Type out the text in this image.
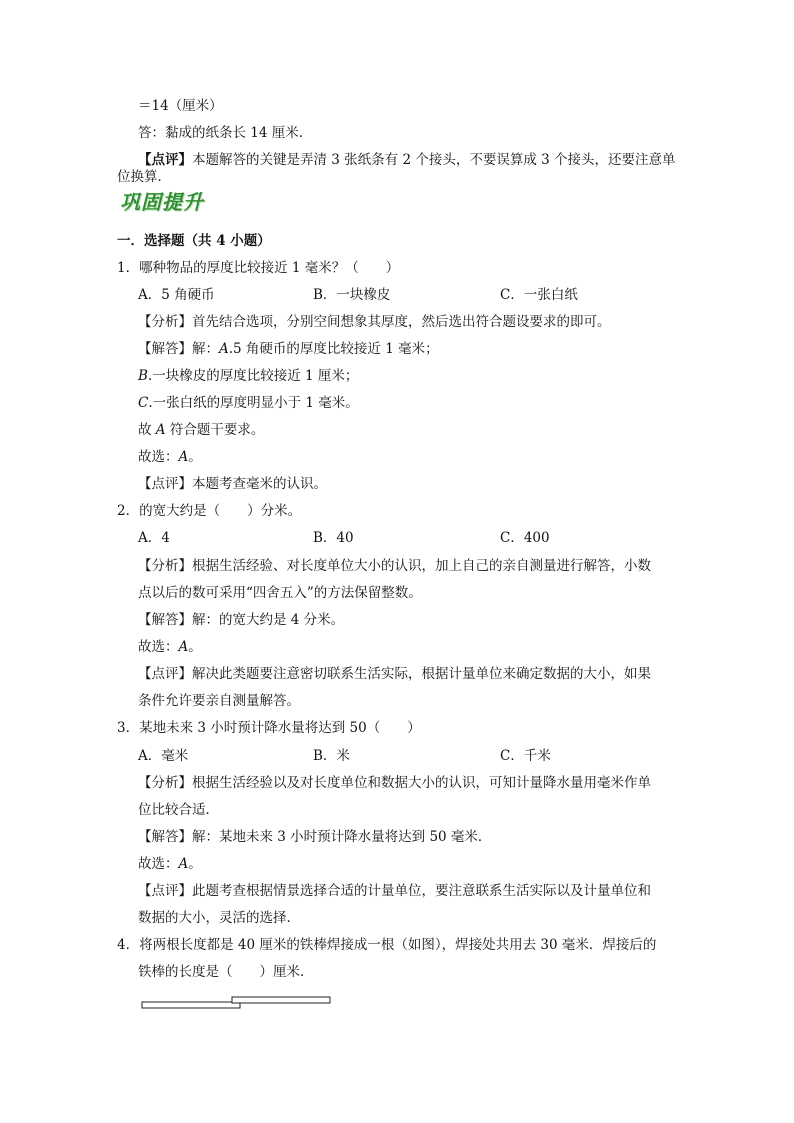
＝14（厘米）
答：黏成的纸条长 14 厘米．
【点评】本题解答的关键是弄清 3 张纸条有 2 个接头，不要误算成 3 个接头，还要注意单
位换算．
巩固提升
一．选择题（共 4 小题）
1．哪种物品的厚度比较接近 1 毫米？（　　）
A．5 角硬币	B．一块橡皮	C．一张白纸
【分析】首先结合选项，分别空间想象其厚度，然后选出符合题设要求的即可。
【解答】解：A.5 角硬币的厚度比较接近 1 毫米；
B.一块橡皮的厚度比较接近 1 厘米；
C.一张白纸的厚度明显小于 1 毫米。
故 A 符合题干要求。
故选：A。
【点评】本题考查毫米的认识。
2．的宽大约是（　　）分米。
A．4	B．40	C．400
【分析】根据生活经验、对长度单位大小的认识，加上自己的亲自测量进行解答，小数
点以后的数可采用“四舍五入”的方法保留整数。
【解答】解：的宽大约是 4 分米。
故选：A。
【点评】解决此类题要注意密切联系生活实际，根据计量单位来确定数据的大小，如果
条件允许要亲自测量解答。
3．某地未来 3 小时预计降水量将达到 50（　　）
A．毫米	B．米	C．千米
【分析】根据生活经验以及对长度单位和数据大小的认识，可知计量降水量用毫米作单
位比较合适．
【解答】解：某地未来 3 小时预计降水量将达到 50 毫米．
故选：A。
【点评】此题考查根据情景选择合适的计量单位，要注意联系生活实际以及计量单位和
数据的大小，灵活的选择．
4．将两根长度都是 40 厘米的铁棒焊接成一根（如图），焊接处共用去 30 毫米．焊接后的
铁棒的长度是（　　）厘米．
